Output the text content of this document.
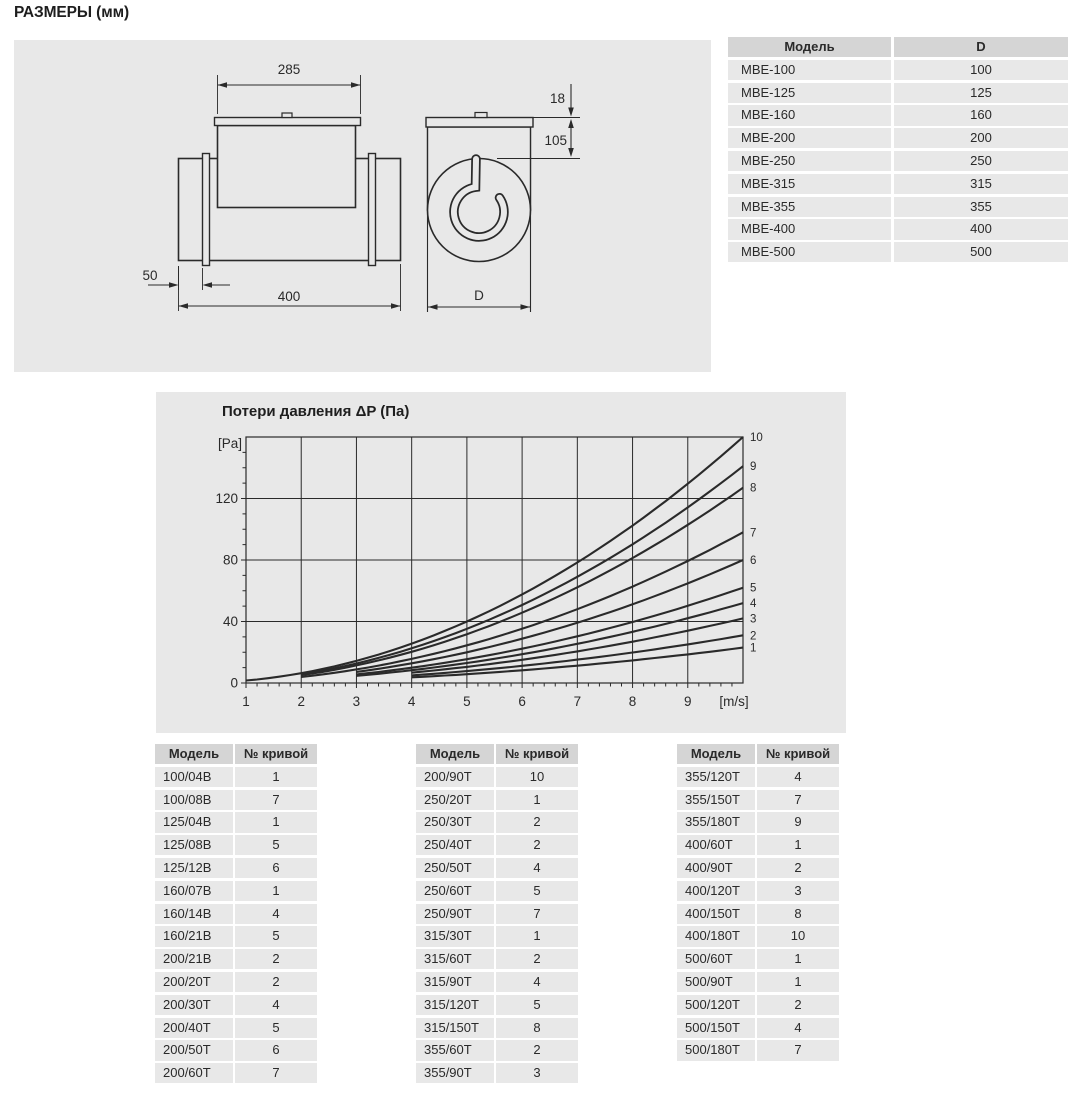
РАЗМЕРЫ (мм)
285
50
400
18
105
D
Модель	D
MBE-100	100
MBE-125	125
MBE-160	160
MBE-200	200
MBE-250	250
MBE-315	315
MBE-355	355
MBE-400	400
MBE-500	500
Потери давления ΔP (Па)
1	2	3	4	5	6	7	8	9 [m/s]
0
40
80
120
[Pa]
1
2
3
4
5
6
7
8
9
10
Модель	№ кривой
100/04B	1
100/08B	7
125/04B	1
125/08B	5
125/12B	6
160/07B	1
160/14B	4
160/21B	5
200/21B	2
200/20T	2
200/30T	4
200/40T	5
200/50T	6
200/60T	7
Модель	№ кривой
200/90T	10
250/20T	1
250/30T	2
250/40T	2
250/50T	4
250/60T	5
250/90T	7
315/30T	1
315/60T	2
315/90T	4
315/120T	5
315/150T	8
355/60T	2
355/90T	3
Модель	№ кривой
355/120T	4
355/150T	7
355/180T	9
400/60T	1
400/90T	2
400/120T	3
400/150T	8
400/180T	10
500/60T	1
500/90T	1
500/120T	2
500/150T	4
500/180T	7
